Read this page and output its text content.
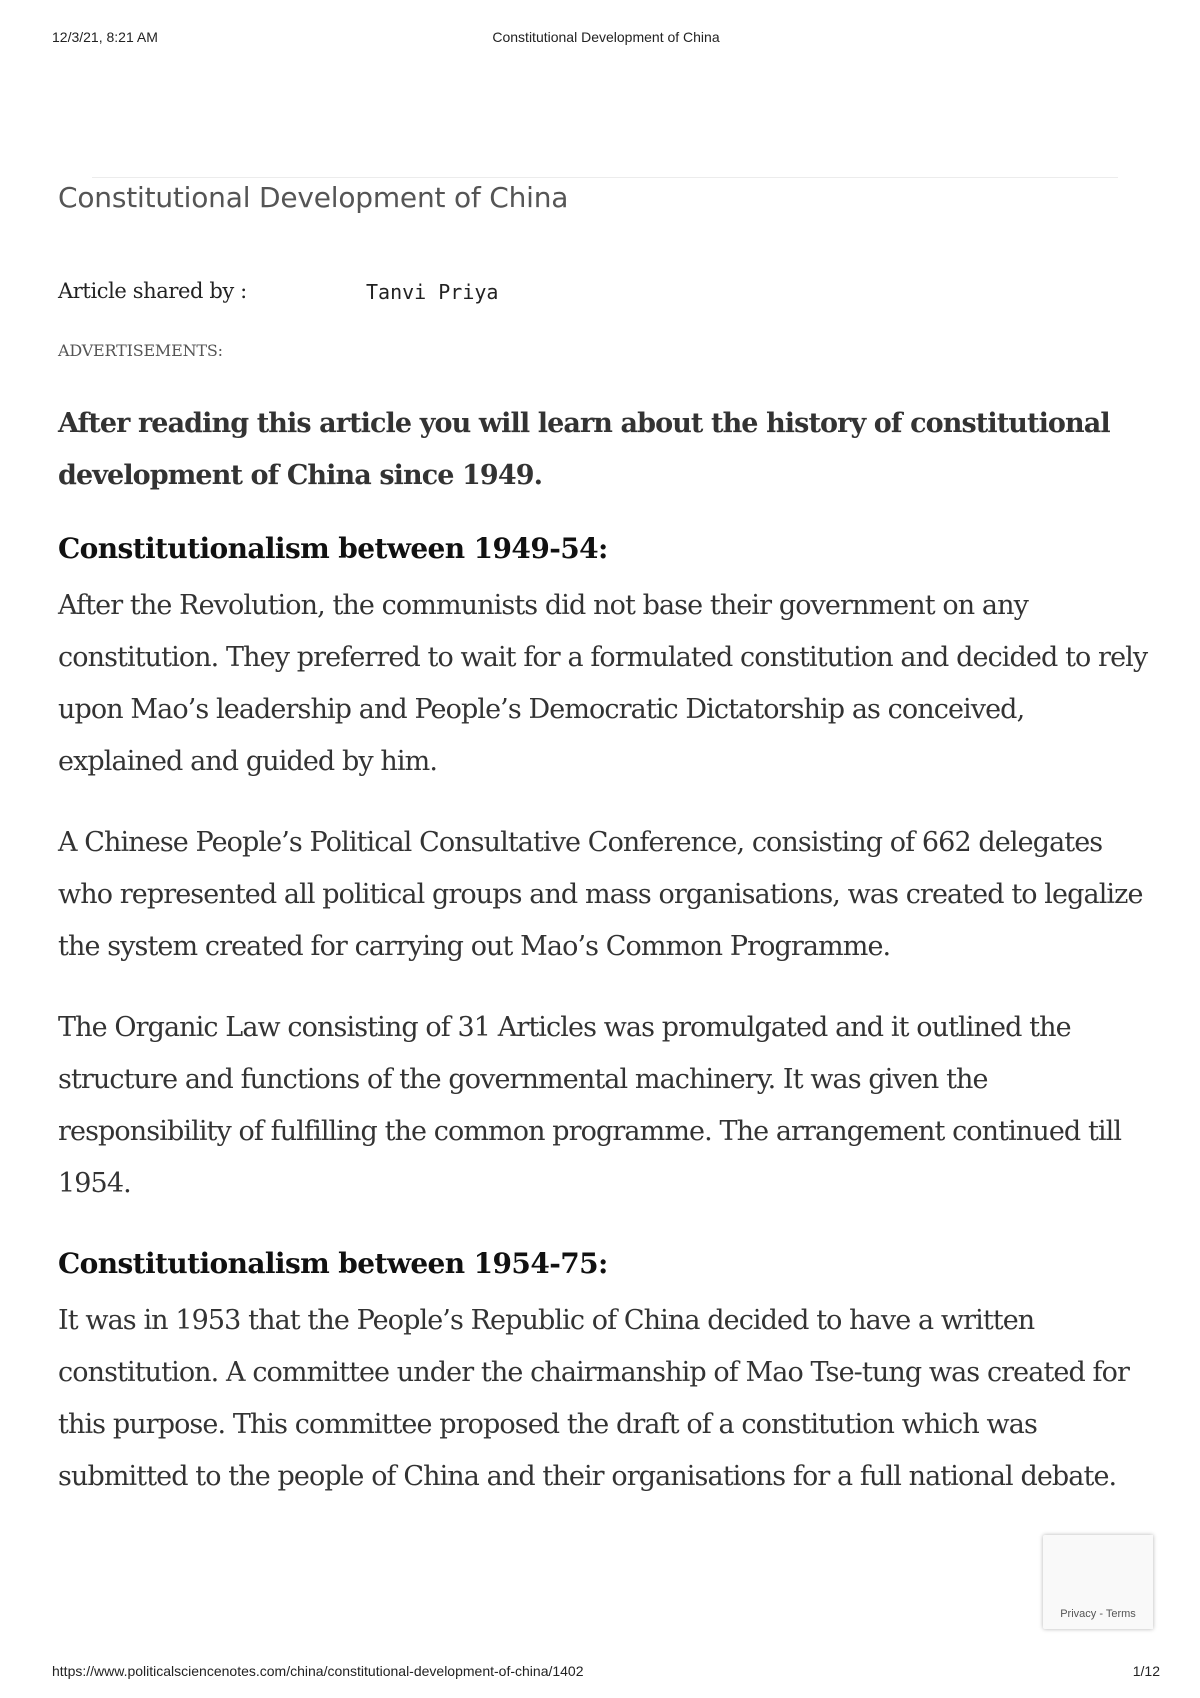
12/3/21, 8:21 AM	Constitutional Development of China
Constitutional Development of China
Article shared by :	Tanvi Priya
ADVERTISEMENTS:

After reading this article you will learn about the history of constitutional development of China since 1949.

Constitutionalism between 1949-54:

After the Revolution, the communists did not base their government on any constitution. They preferred to wait for a formulated constitution and decided to rely upon Mao’s leadership and People’s Democratic Dictatorship as conceived, explained and guided by him.

A Chinese People’s Political Consultative Conference, consisting of 662 delegates who represented all political groups and mass organisations, was created to legalize the system created for carrying out Mao’s Common Programme.

The Organic Law consisting of 31 Articles was promulgated and it outlined the structure and functions of the governmental machinery. It was given the responsibility of fulfilling the common programme. The arrangement continued till 1954.

Constitutionalism between 1954-75:

It was in 1953 that the People’s Republic of China decided to have a written constitution. A committee under the chairmanship of Mao Tse-tung was created for this purpose. This committee proposed the draft of a constitution which was submitted to the people of China and their organisations for a full national debate.

Privacy - Terms
https://www.politicalsciencenotes.com/china/constitutional-development-of-china/1402	1/12
